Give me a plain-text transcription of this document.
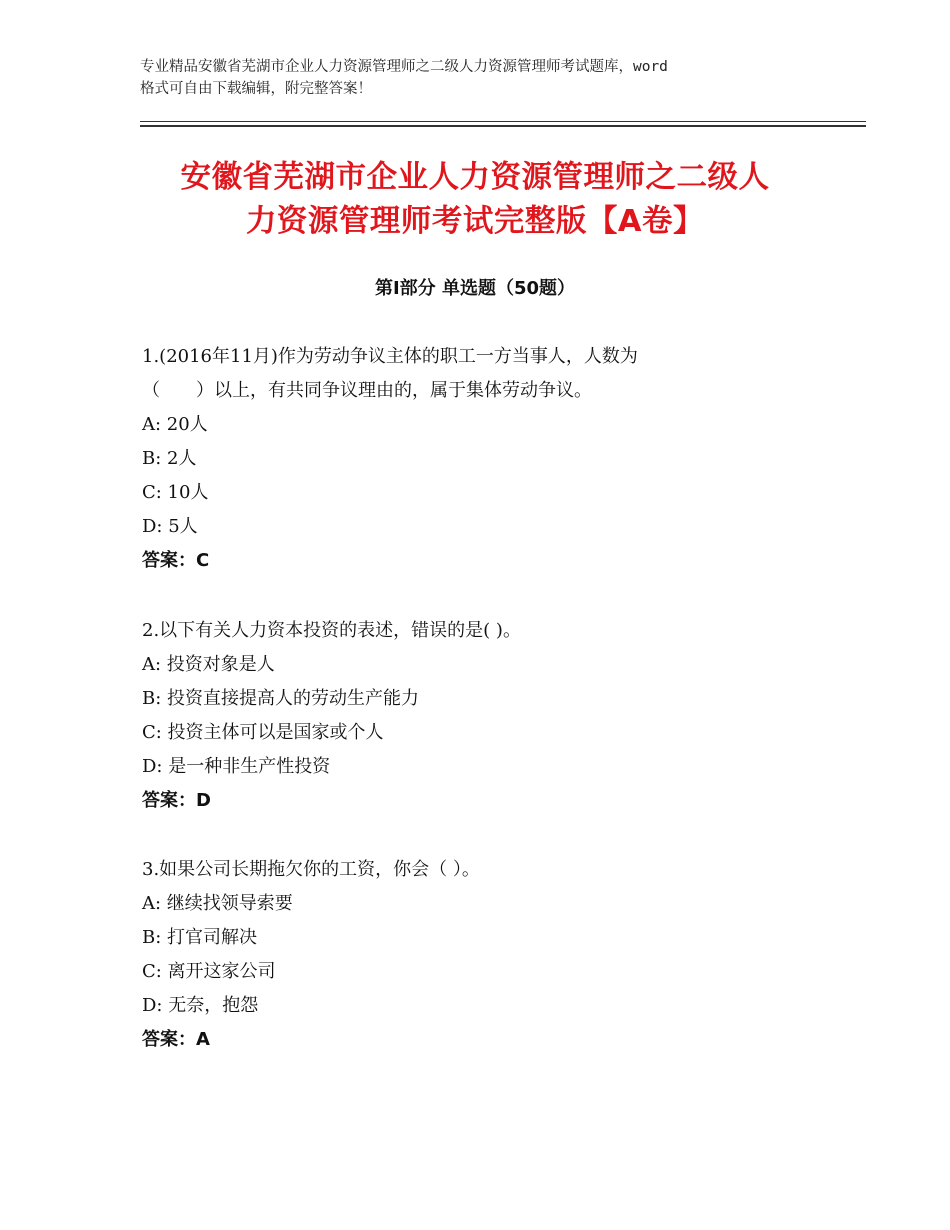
专业精品安徽省芜湖市企业人力资源管理师之二级人力资源管理师考试题库，word
格式可自由下载编辑，附完整答案！
安徽省芜湖市企业人力资源管理师之二级人
力资源管理师考试完整版【A卷】
第Ⅰ部分 单选题（50题）
1.(2016年11月)作为劳动争议主体的职工一方当事人，人数为
（　　）以上，有共同争议理由的，属于集体劳动争议。
A: 20人
B: 2人
C: 10人
D: 5人
答案：C
2.以下有关人力资本投资的表述，错误的是( )。
A: 投资对象是人
B: 投资直接提高人的劳动生产能力
C: 投资主体可以是国家或个人
D: 是一种非生产性投资
答案：D
3.如果公司长期拖欠你的工资，你会（ ）。
A: 继续找领导索要
B: 打官司解决
C: 离开这家公司
D: 无奈，抱怨
答案：A
